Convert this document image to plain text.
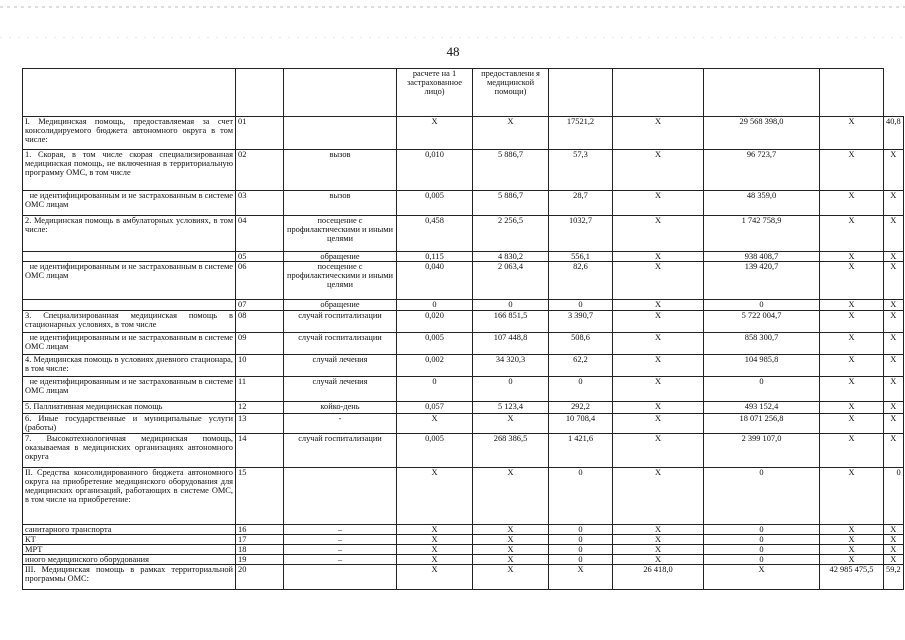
48
			расчете на 1 застрахованное лицо)	предоставлени я медицинской помощи)					
I. Медицинская помощь, предоставляемая за счет консолидируемого бюджета автономного округа в том числе:	01		X	X	17521,2	X	29 568 398,0	X	40,8
1. Скорая, в том числе скорая специализированная медицинская помощь, не включенная в территориальную программу ОМС, в том числе	02	вызов	0,010	5 886,7	57,3	X	96 723,7	X	X
не идентифицированным и не застрахованным в системе ОМС лицам	03	вызов	0,005	5 886,7	28,7	X	48 359,0	X	X
2. Медицинская помощь в амбулаторных условиях, в том числе:	04	посещение с профилактическими и иными целями	0,458	2 256,5	1032,7	X	1 742 758,9	X	X
	05	обращение	0,115	4 830,2	556,1	X	938 408,7	X	X
не идентифицированным и не застрахованным в системе ОМС лицам	06	посещение с профилактическими и иными целями	0,040	2 063,4	82,6	X	139 420,7	X	X
	07	обращение	0	0	0	X	0	X	X
3. Специализированная медицинская помощь в стационарных условиях, в том числе	08	случай госпитализации	0,020	166 851,5	3 390,7	X	5 722 004,7	X	X
не идентифицированным и не застрахованным в системе ОМС лицам	09	случай госпитализации	0,005	107 448,8	508,6	X	858 300,7	X	X
4. Медицинская помощь в условиях дневного стационара, в том числе:	10	случай лечения	0,002	34 320,3	62,2	X	104 985,8	X	X
не идентифицированным и не застрахованным в системе ОМС лицам	11	случай лечения	0	0	0	X	0	X	X
5. Паллиативная медицинская помощь	12	койко-день	0,057	5 123,4	292,2	X	493 152,4	X	X
6. Иные государственные и муниципальные услуги (работы)	13	-	X	X	10 708,4	X	18 071 256,8	X	X
7. Высокотехнологичная медицинская помощь, оказываемая в медицинских организациях автономного округа	14	случай госпитализации	0,005	268 386,5	1 421,6	X	2 399 107,0	X	X
II. Средства консолидированного бюджета автономного округа на приобретение медицинского оборудования для медицинских организаций, работающих в системе ОМС, в том числе на приобретение:	15		X	X	0	X	0	X	0
санитарного транспорта	16	–	X	X	0	X	0	X	X
КТ	17	–	X	X	0	X	0	X	X
МРТ	18	–	X	X	0	X	0	X	X
иного медицинского оборудования	19	–	X	X	0	X	0	X	X
III. Медицинская помощь в рамках территориальной программы ОМС:	20		X	X	X	26 418,0	X	42 985 475,5	59,2
